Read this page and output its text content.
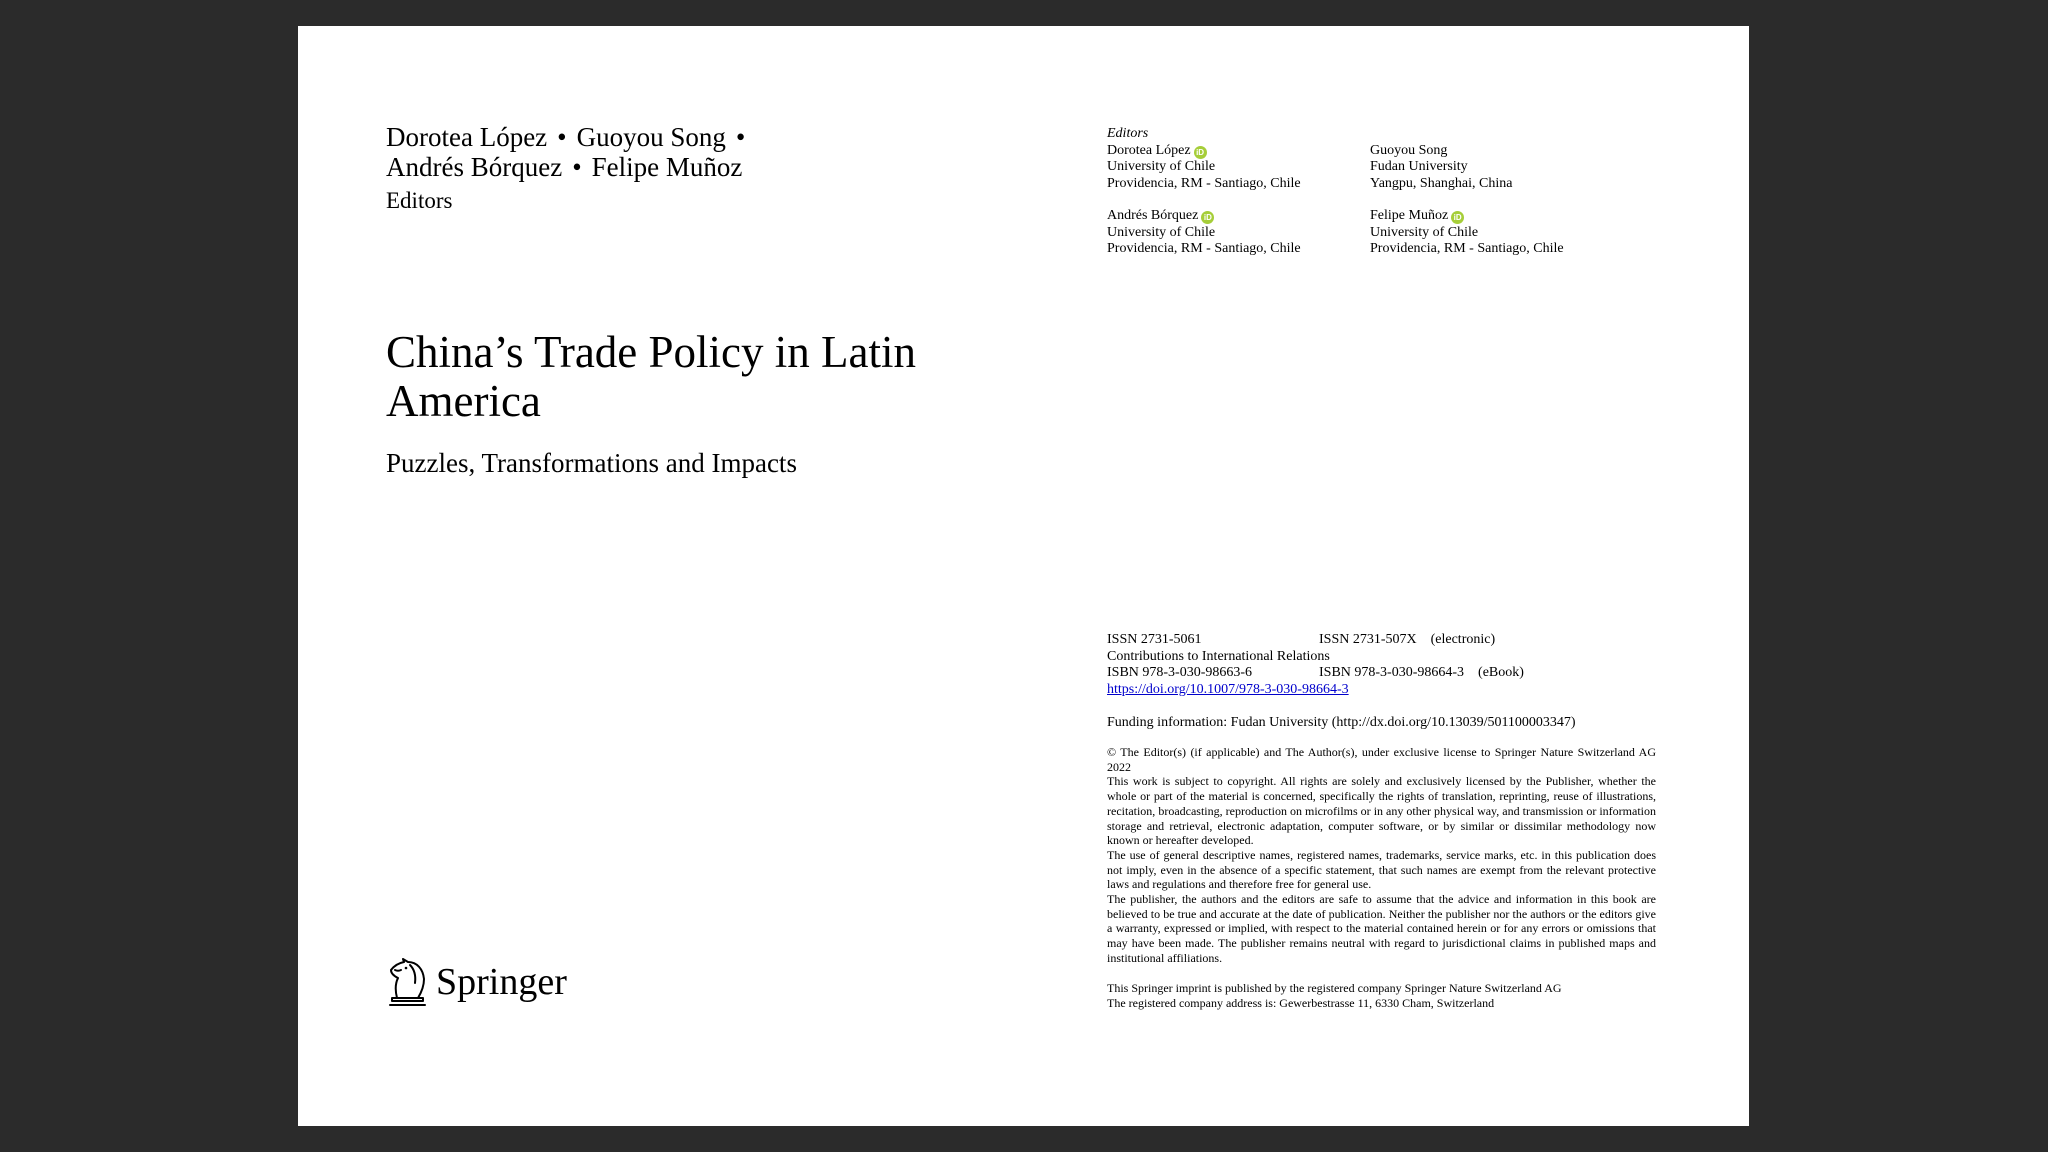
Dorotea López • Guoyou Song •
Andrés Bórquez • Felipe Muñoz
Editors
China’s Trade Policy in Latin America
Puzzles, Transformations and Impacts
Springer
Editors
Dorotea López iD
University of Chile
Providencia, RM - Santiago, Chile
Guoyou Song
Fudan University
Yangpu, Shanghai, China
Andrés Bórquez iD
University of Chile
Providencia, RM - Santiago, Chile
Felipe Muñoz iD
University of Chile
Providencia, RM - Santiago, Chile
ISSN 2731-5061	ISSN 2731-507X    (electronic)
Contributions to International Relations
ISBN 978-3-030-98663-6	ISBN 978-3-030-98664-3    (eBook)
https://doi.org/10.1007/978-3-030-98664-3
Funding information: Fudan University (http://dx.doi.org/10.13039/501100003347)

© The Editor(s) (if applicable) and The Author(s), under exclusive license to Springer Nature Switzerland AG 2022

This work is subject to copyright. All rights are solely and exclusively licensed by the Publisher, whether the whole or part of the material is concerned, specifically the rights of translation, reprinting, reuse of illustrations, recitation, broadcasting, reproduction on microfilms or in any other physical way, and transmission or information storage and retrieval, electronic adaptation, computer software, or by similar or dissimilar methodology now known or hereafter developed.

The use of general descriptive names, registered names, trademarks, service marks, etc. in this publication does not imply, even in the absence of a specific statement, that such names are exempt from the relevant protective laws and regulations and therefore free for general use.

The publisher, the authors and the editors are safe to assume that the advice and information in this book are believed to be true and accurate at the date of publication. Neither the publisher nor the authors or the editors give a warranty, expressed or implied, with respect to the material contained herein or for any errors or omissions that may have been made. The publisher remains neutral with regard to jurisdictional claims in published maps and institutional affiliations.

This Springer imprint is published by the registered company Springer Nature Switzerland AG
The registered company address is: Gewerbestrasse 11, 6330 Cham, Switzerland
